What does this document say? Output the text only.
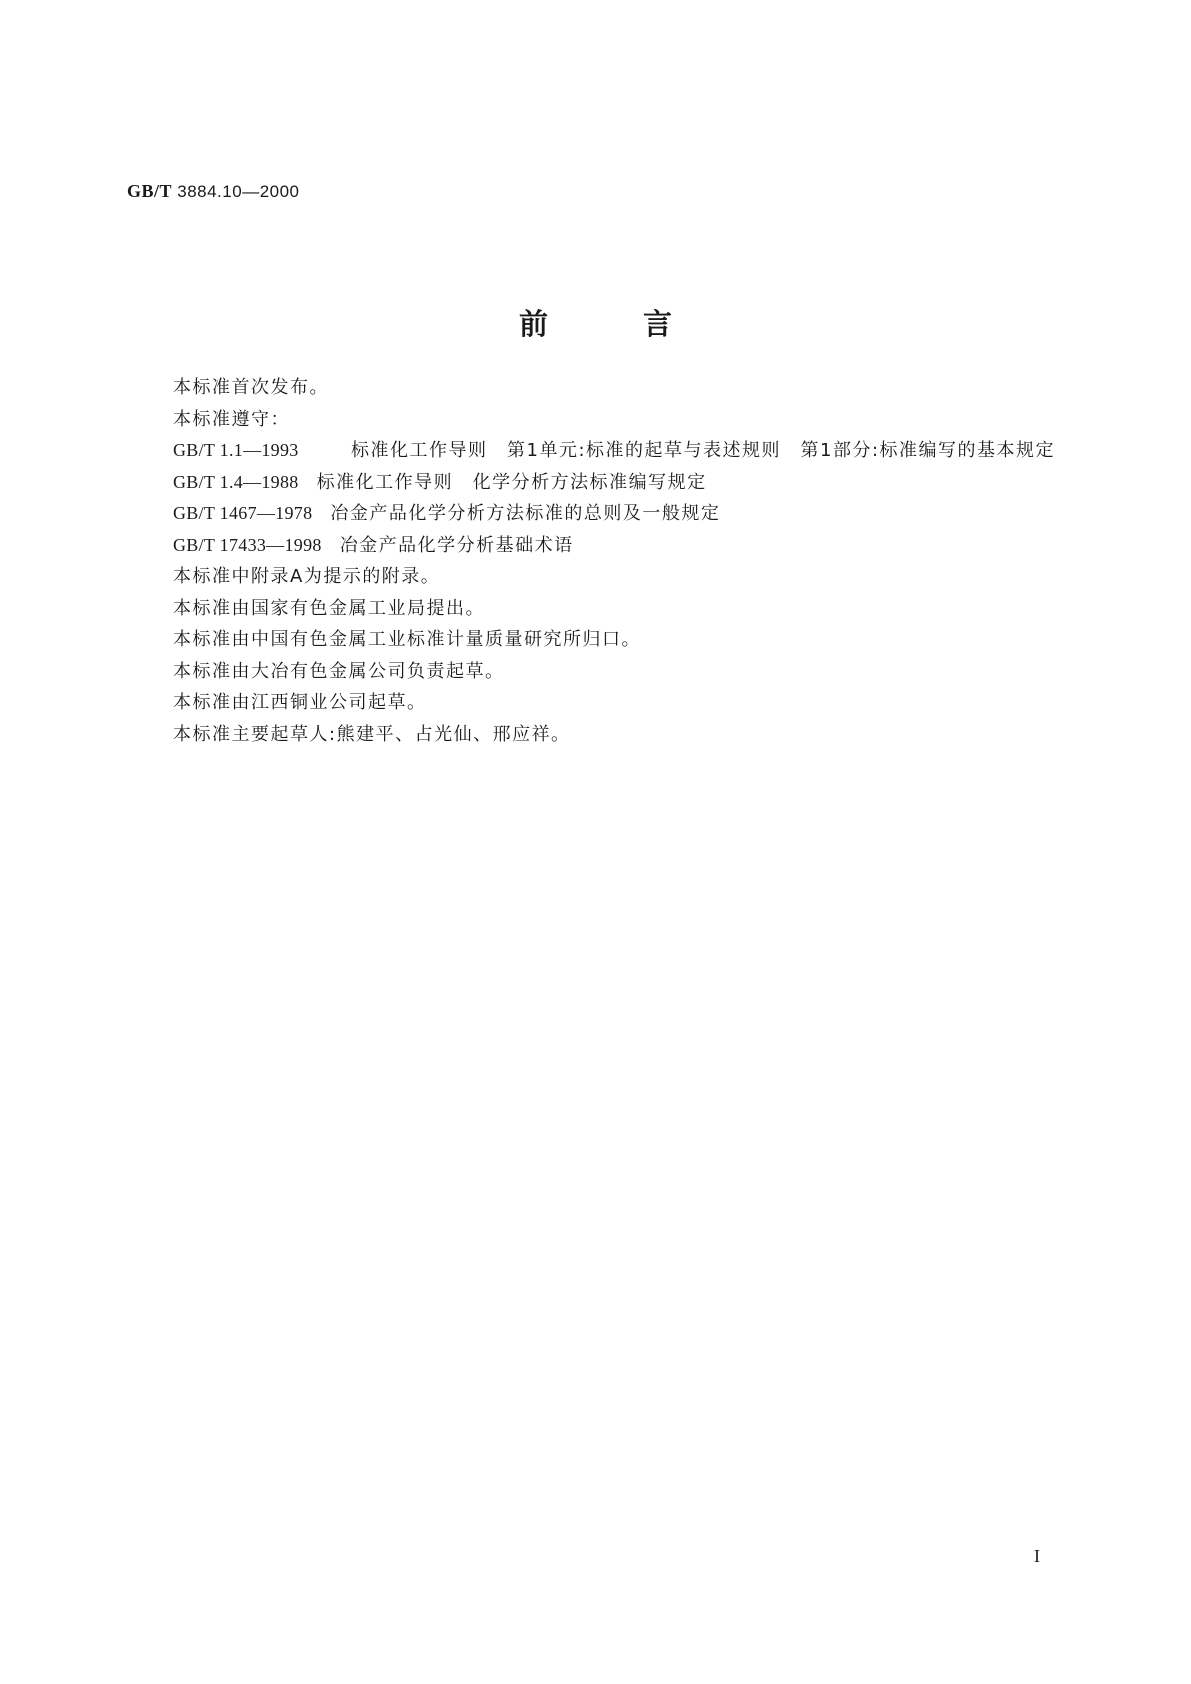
GB/T 3884.10—2000
前言
本标准首次发布。
本标准遵守：
GB/T 1.1—1993	标准化工作导则　第1单元:标准的起草与表述规则　第1部分:标准编写的基本规定
GB/T 1.4—1988 标准化工作导则　化学分析方法标准编写规定
GB/T 1467—1978 冶金产品化学分析方法标准的总则及一般规定
GB/T 17433—1998 冶金产品化学分析基础术语
本标准中附录A为提示的附录。
本标准由国家有色金属工业局提出。
本标准由中国有色金属工业标准计量质量研究所归口。
本标准由大冶有色金属公司负责起草。
本标准由江西铜业公司起草。
本标准主要起草人:熊建平、占光仙、邢应祥。
I
